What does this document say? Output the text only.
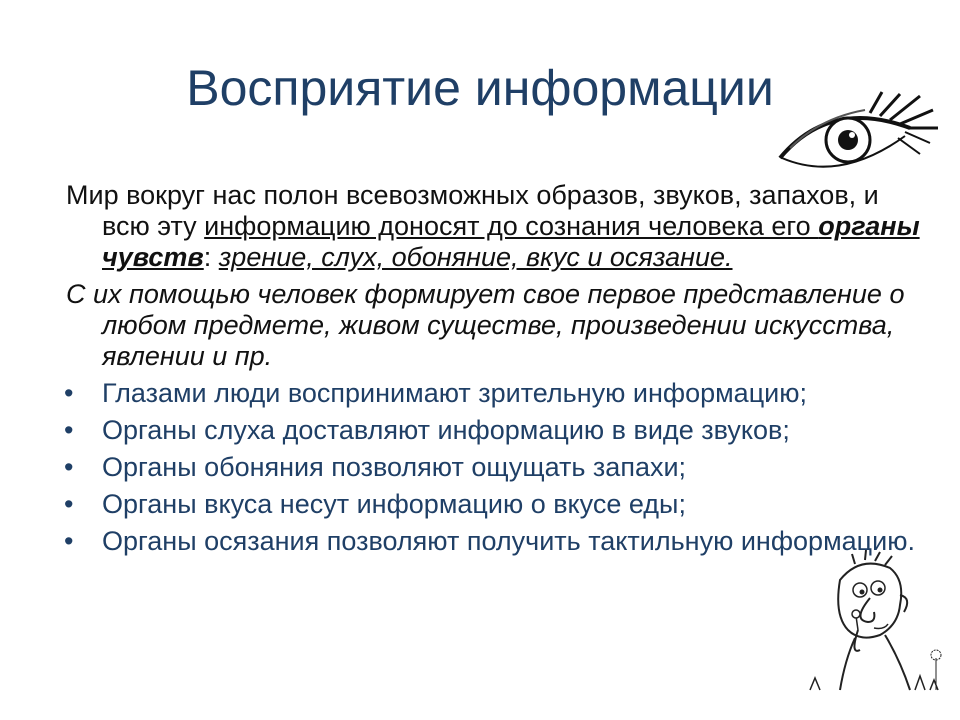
Восприятие информации

Мир вокруг нас полон всевозможных образов, звуков, запахов, и всю эту информацию доносят до сознания человека его органы чувств: зрение, слух, обоняние, вкус и осязание.

С их помощью человек формирует свое первое представление о любом предмете, живом существе, произведении искусства, явлении и пр.

• Глазами люди воспринимают зрительную информацию;
• Органы слуха доставляют информацию в виде звуков;
• Органы обоняния позволяют ощущать запахи;
• Органы вкуса несут информацию о вкусе еды;
• Органы осязания позволяют получить тактильную информацию.
